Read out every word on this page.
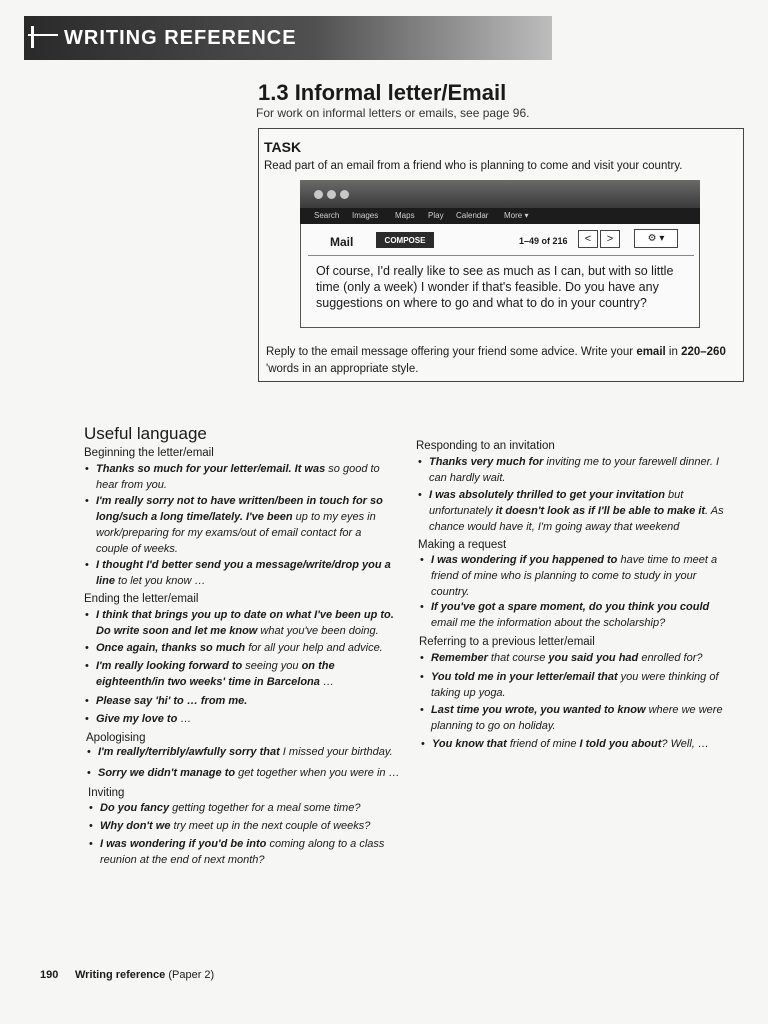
WRITING REFERENCE
1.3 Informal letter/Email
For work on informal letters or emails, see page 96.
TASK
Read part of an email from a friend who is planning to come and visit your country.
Search Images Maps Play Calendar More ▾
Mail	COMPOSE	1–49 of 216	<	>	⚙ ▾
Of course, I'd really like to see as much as I can, but with so little time (only a week) I wonder if that's feasible. Do you have any suggestions on where to go and what to do in your country?
Reply to the email message offering your friend some advice. Write your email in 220–260 'words in an appropriate style.
Useful language
Beginning the letter/email
• Thanks so much for your letter/email. It was so good to hear from you.
• I'm really sorry not to have written/been in touch for so long/such a long time/lately. I've been up to my eyes in work/preparing for my exams/out of email contact for a couple of weeks.
• I thought I'd better send you a message/write/drop you a line to let you know …
Ending the letter/email
• I think that brings you up to date on what I've been up to. Do write soon and let me know what you've been doing.
• Once again, thanks so much for all your help and advice.
• I'm really looking forward to seeing you on the eighteenth/in two weeks' time in Barcelona …
• Please say 'hi' to … from me.
• Give my love to …
Apologising
• I'm really/terribly/awfully sorry that I missed your birthday.
• Sorry we didn't manage to get together when you were in …
Inviting
• Do you fancy getting together for a meal some time?
• Why don't we try meet up in the next couple of weeks?
• I was wondering if you'd be into coming along to a class reunion at the end of next month?
Responding to an invitation
• Thanks very much for inviting me to your farewell dinner. I can hardly wait.
• I was absolutely thrilled to get your invitation but unfortunately it doesn't look as if I'll be able to make it. As chance would have it, I'm going away that weekend
Making a request
• I was wondering if you happened to have time to meet a friend of mine who is planning to come to study in your country.
• If you've got a spare moment, do you think you could email me the information about the scholarship?
Referring to a previous letter/email
• Remember that course you said you had enrolled for?
• You told me in your letter/email that you were thinking of taking up yoga.
• Last time you wrote, you wanted to know where we were planning to go on holiday.
• You know that friend of mine I told you about? Well, …
190 Writing reference (Paper 2)
